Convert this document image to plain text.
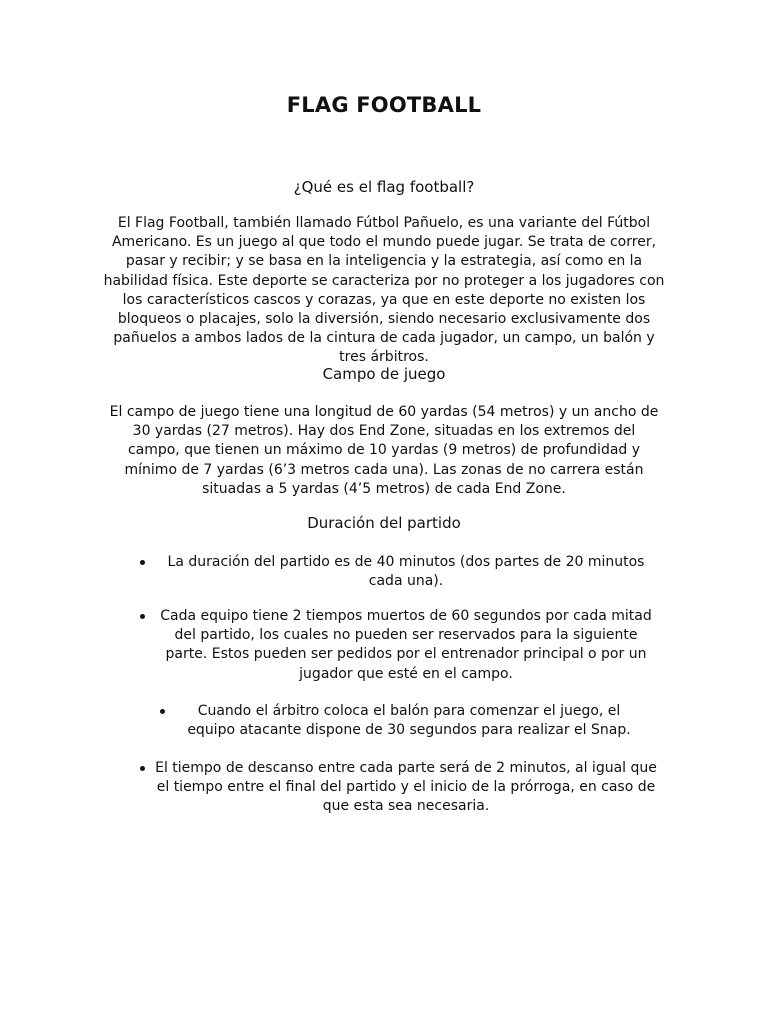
FLAG FOOTBALL
¿Qué es el flag football?

El Flag Football, también llamado Fútbol Pañuelo, es una variante del Fútbol Americano. Es un juego al que todo el mundo puede jugar. Se trata de correr, pasar y recibir; y se basa en la inteligencia y la estrategia, así como en la habilidad física. Este deporte se caracteriza por no proteger a los jugadores con los característicos cascos y corazas, ya que en este deporte no existen los bloqueos o placajes, solo la diversión, siendo necesario exclusivamente dos pañuelos a ambos lados de la cintura de cada jugador, un campo, un balón y tres árbitros.

Campo de juego

El campo de juego tiene una longitud de 60 yardas (54 metros) y un ancho de 30 yardas (27 metros). Hay dos End Zone, situadas en los extremos del campo, que tienen un máximo de 10 yardas (9 metros) de profundidad y mínimo de 7 yardas (6’3 metros cada una). Las zonas de no carrera están situadas a 5 yardas (4’5 metros) de cada End Zone.

Duración del partido
La duración del partido es de 40 minutos (dos partes de 20 minutos cada una).
Cada equipo tiene 2 tiempos muertos de 60 segundos por cada mitad del partido, los cuales no pueden ser reservados para la siguiente parte. Estos pueden ser pedidos por el entrenador principal o por un jugador que esté en el campo.
Cuando el árbitro coloca el balón para comenzar el juego, el equipo atacante dispone de 30 segundos para realizar el Snap.
El tiempo de descanso entre cada parte será de 2 minutos, al igual que el tiempo entre el final del partido y el inicio de la prórroga, en caso de que esta sea necesaria.
